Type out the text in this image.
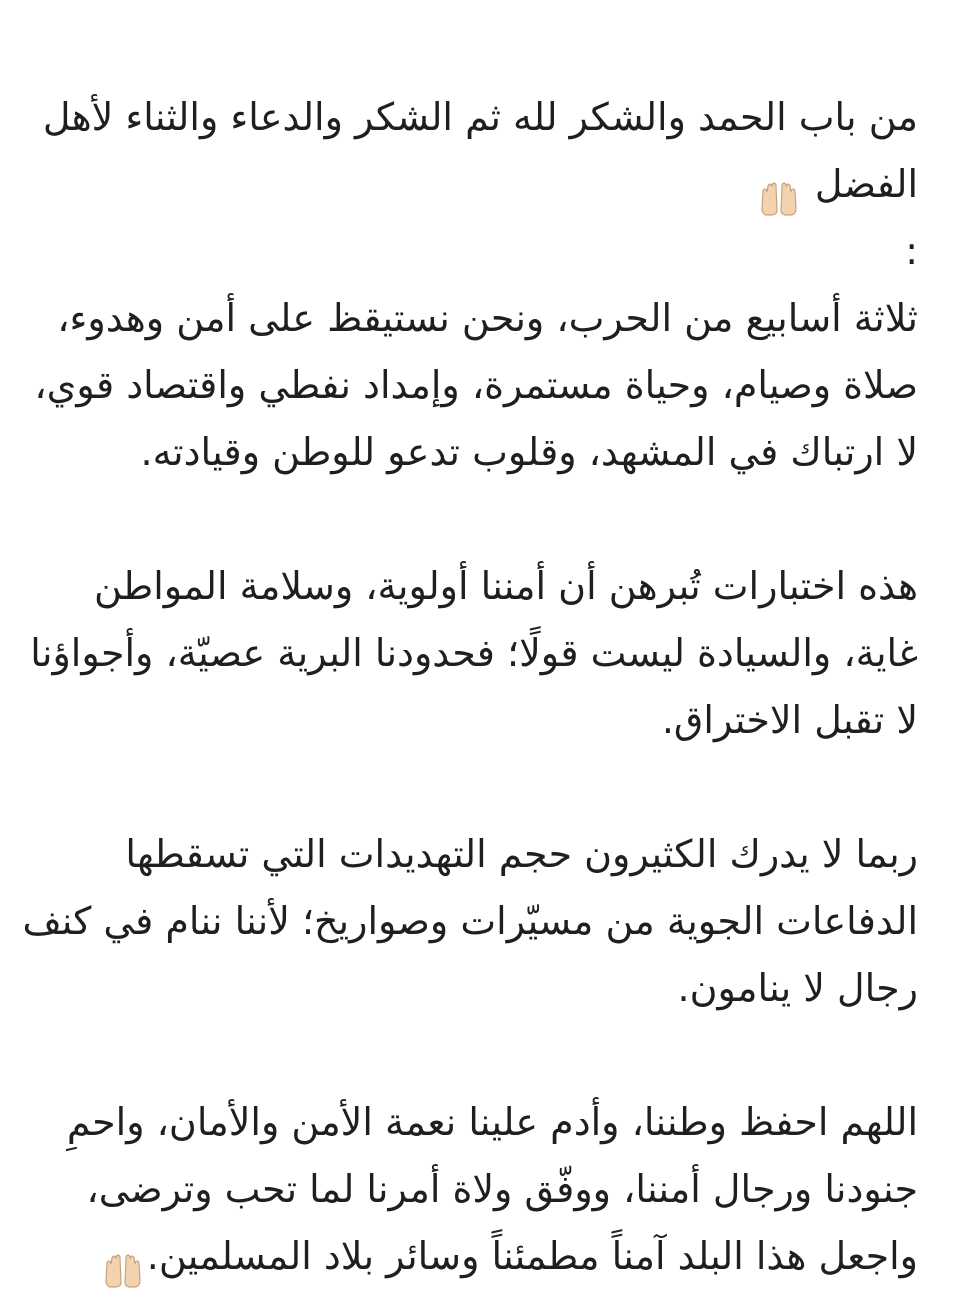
من باب الحمد والشكر لله ثم الشكر والدعاء والثناء لأهل
الفضل
:
ثلاثة أسابيع من الحرب، ونحن نستيقظ على أمن وهدوء،
صلاة وصيام، وحياة مستمرة، وإمداد نفطي واقتصاد قوي،
لا ارتباك في المشهد، وقلوب تدعو للوطن وقيادته.
هذه اختبارات تُبرهن أن أمننا أولوية، وسلامة المواطن
غاية، والسيادة ليست قولًا؛ فحدودنا البرية عصيّة، وأجواؤنا
لا تقبل الاختراق.
ربما لا يدرك الكثيرون حجم التهديدات التي تسقطها
الدفاعات الجوية من مسيّرات وصواريخ؛ لأننا ننام في كنف
رجال لا ينامون.
اللهم احفظ وطننا، وأدم علينا نعمة الأمن والأمان، واحمِ
جنودنا ورجال أمننا، ووفّق ولاة أمرنا لما تحب وترضى،
واجعل هذا البلد آمناً مطمئناً وسائر بلاد المسلمين.
